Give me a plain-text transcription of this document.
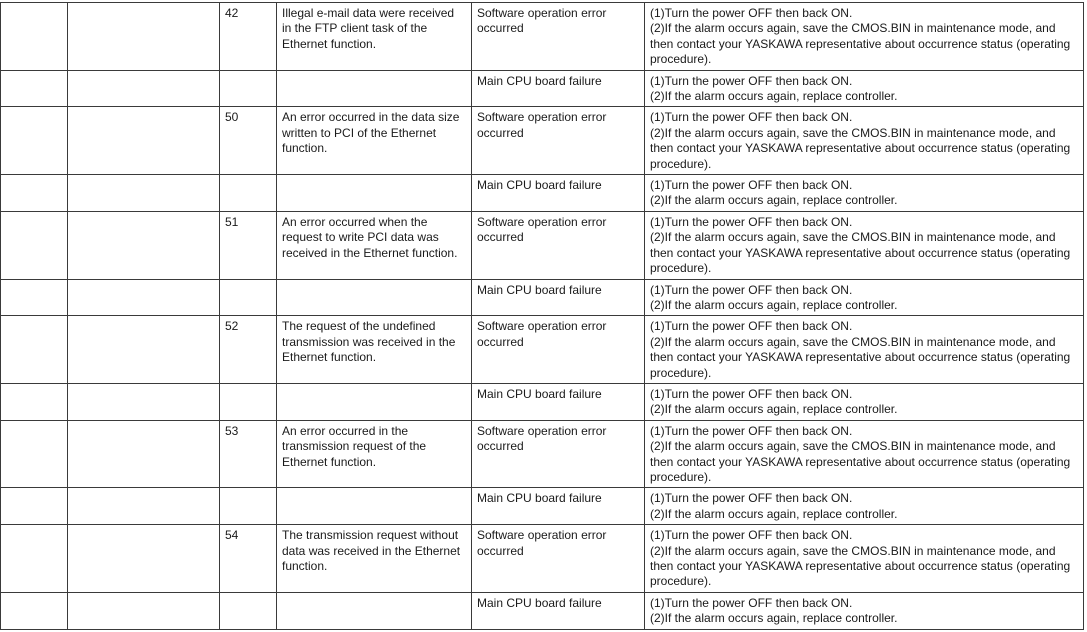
		42	Illegal e-mail data were received in the FTP client task of the Ethernet function.	Software operation error occurred	(1)Turn the power OFF then back ON.
(2)If the alarm occurs again, save the CMOS.BIN in maintenance mode, and
then contact your YASKAWA representative about occurrence status (operating
procedure).

				Main CPU board failure	(1)Turn the power OFF then back ON.
(2)If the alarm occurs again, replace controller.

		50	An error occurred in the data size written to PCI of the Ethernet function.	Software operation error occurred	(1)Turn the power OFF then back ON.
(2)If the alarm occurs again, save the CMOS.BIN in maintenance mode, and
then contact your YASKAWA representative about occurrence status (operating
procedure).

				Main CPU board failure	(1)Turn the power OFF then back ON.
(2)If the alarm occurs again, replace controller.

		51	An error occurred when the request to write PCI data was received in the Ethernet function.	Software operation error occurred	(1)Turn the power OFF then back ON.
(2)If the alarm occurs again, save the CMOS.BIN in maintenance mode, and
then contact your YASKAWA representative about occurrence status (operating
procedure).

				Main CPU board failure	(1)Turn the power OFF then back ON.
(2)If the alarm occurs again, replace controller.

		52	The request of the undefined transmission was received in the Ethernet function.	Software operation error occurred	(1)Turn the power OFF then back ON.
(2)If the alarm occurs again, save the CMOS.BIN in maintenance mode, and
then contact your YASKAWA representative about occurrence status (operating
procedure).

				Main CPU board failure	(1)Turn the power OFF then back ON.
(2)If the alarm occurs again, replace controller.

		53	An error occurred in the transmission request of the Ethernet function.	Software operation error occurred	(1)Turn the power OFF then back ON.
(2)If the alarm occurs again, save the CMOS.BIN in maintenance mode, and
then contact your YASKAWA representative about occurrence status (operating
procedure).

				Main CPU board failure	(1)Turn the power OFF then back ON.
(2)If the alarm occurs again, replace controller.

		54	The transmission request without data was received in the Ethernet function.	Software operation error occurred	(1)Turn the power OFF then back ON.
(2)If the alarm occurs again, save the CMOS.BIN in maintenance mode, and
then contact your YASKAWA representative about occurrence status (operating
procedure).

				Main CPU board failure	(1)Turn the power OFF then back ON.
(2)If the alarm occurs again, replace controller.
